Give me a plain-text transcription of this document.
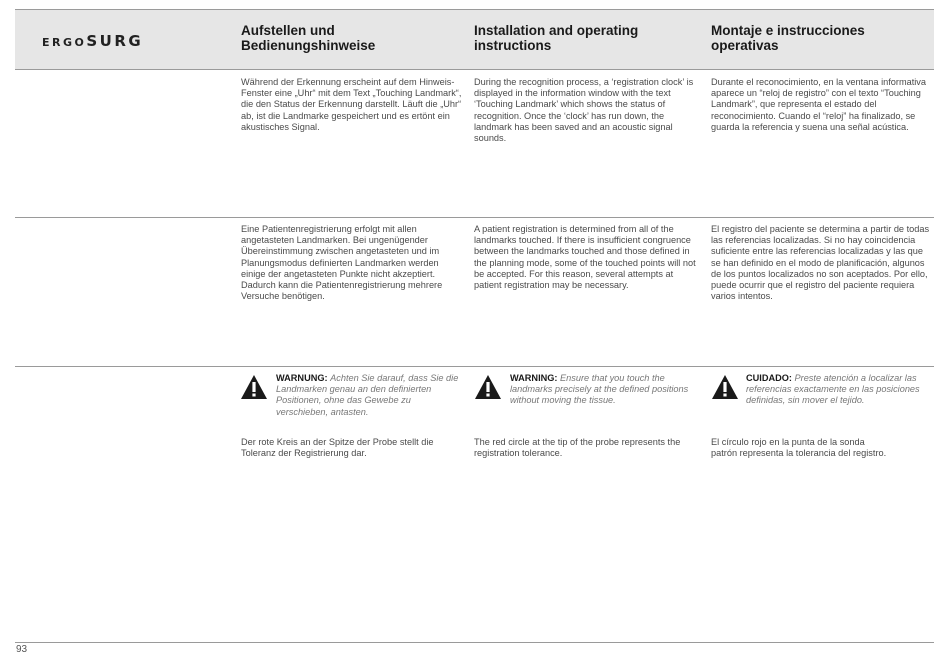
ERGOSURG
Aufstellen und Bedienungshinweise
Installation and operating instructions
Montaje e instrucciones operativas
Während der Erkennung erscheint auf dem Hinweis-Fenster eine „Uhr“ mit dem Text „Touching Landmark“, die den Status der Erkennung darstellt. Läuft die „Uhr“ ab, ist die Landmarke gespeichert und es ertönt ein akustisches Signal.
During the recognition process, a ‘registration clock’ is displayed in the information window with the text ‘Touching Landmark’ which shows the status of recognition. Once the ‘clock’ has run down, the landmark has been saved and an acoustic signal sounds.
Durante el reconocimiento, en la ventana informativa aparece un “reloj de registro” con el texto “Touching Landmark”, que representa el estado del reconocimiento. Cuando el “reloj” ha finalizado, se guarda la referencia y suena una señal acústica.
Eine Patientenregistrierung erfolgt mit allen angetasteten Landmarken. Bei ungenügender Übereinstimmung zwischen angetasteten und im Planungsmodus definierten Landmarken werden einige der angetasteten Punkte nicht akzeptiert. Dadurch kann die Patientenregistrierung mehrere Versuche benötigen.
A patient registration is determined from all of the landmarks touched. If there is insufficient congruence between the landmarks touched and those defined in the planning mode, some of the touched points will not be accepted. For this reason, several attempts at patient registration may be necessary.
El registro del paciente se determina a partir de todas las referencias localizadas. Si no hay coincidencia suficiente entre las referencias localizadas y las que se han definido en el modo de planificación, algunos de los puntos localizados no son aceptados. Por ello, puede ocurrir que el registro del paciente requiera varios intentos.
WARNUNG: Achten Sie darauf, dass Sie die Landmarken genau an den definierten Positionen, ohne das Gewebe zu verschieben, antasten.
WARNING: Ensure that you touch the landmarks precisely at the defined positions without moving the tissue.
CUIDADO: Preste atención a localizar las referencias exactamente en las posiciones definidas, sin mover el tejido.
Der rote Kreis an der Spitze der Probe stellt die Toleranz der Registrierung dar.
The red circle at the tip of the probe represents the registration tolerance.
El círculo rojo en la punta de la sonda patrón representa la tolerancia del registro.
93
